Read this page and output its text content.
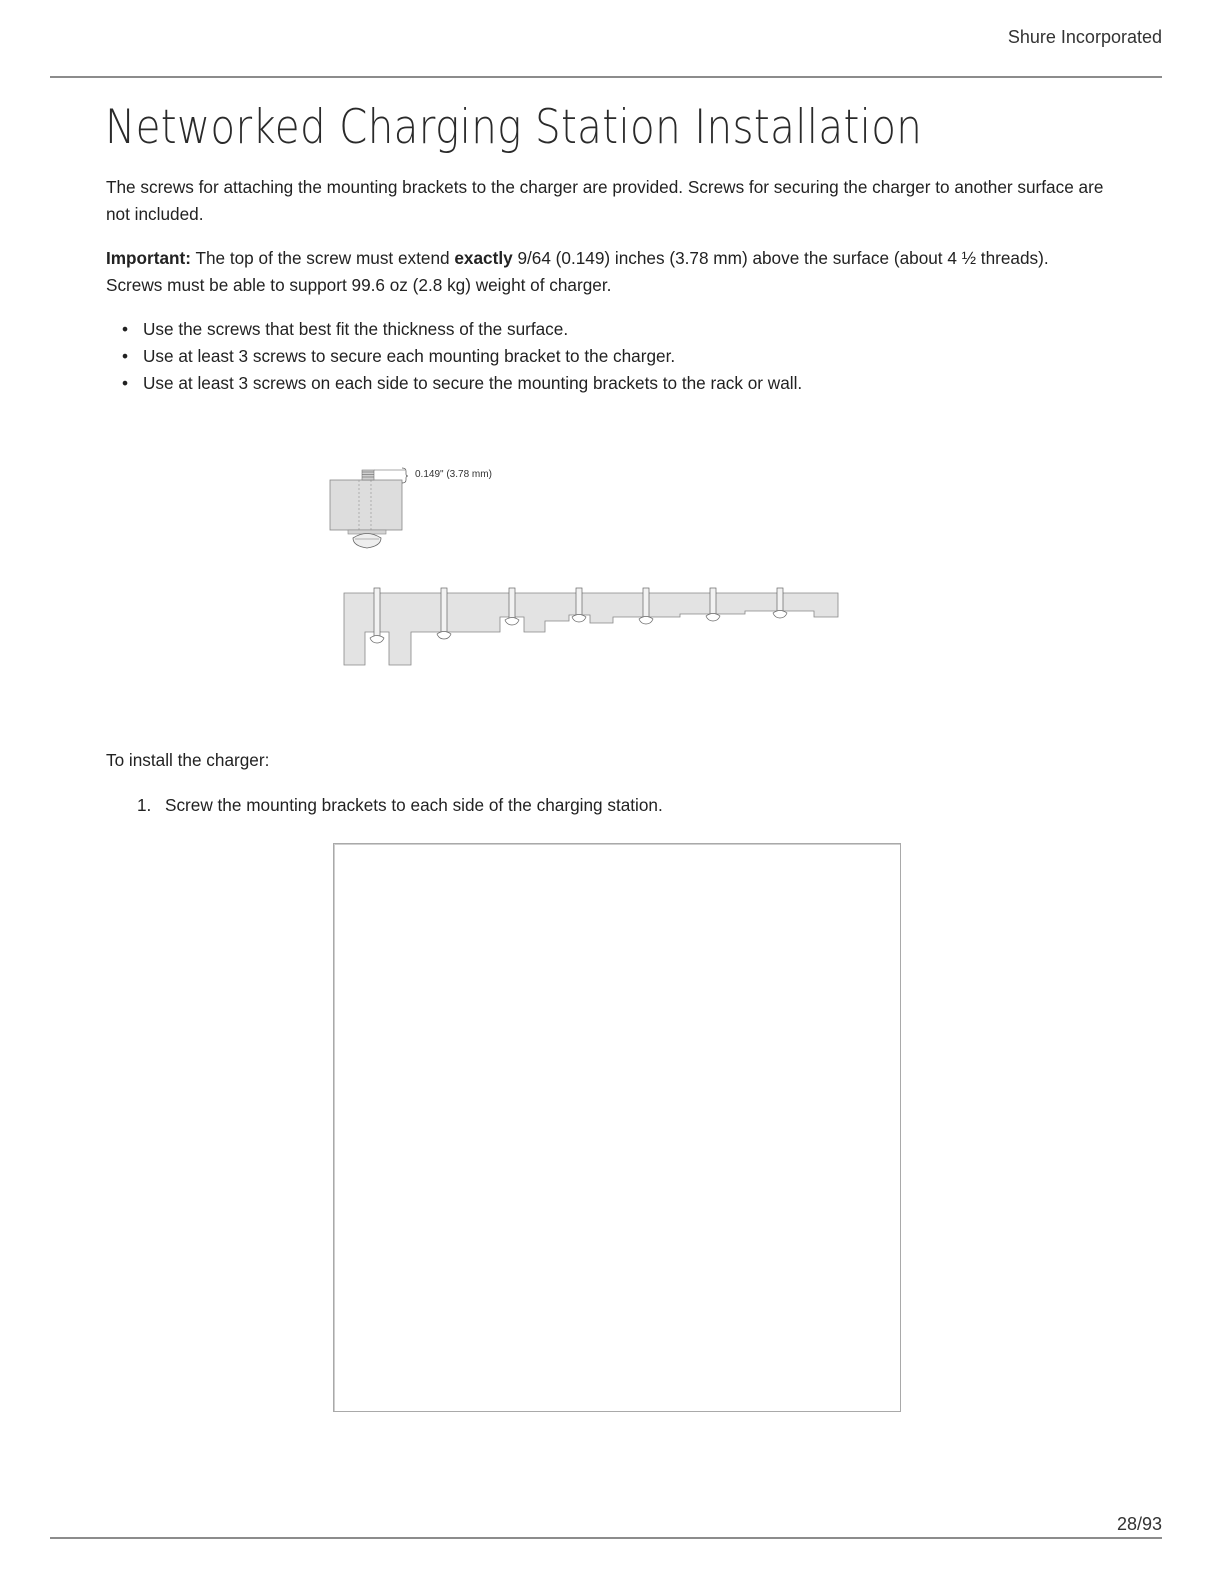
Shure Incorporated
Networked Charging Station Installation

The screws for attaching the mounting brackets to the charger are provided. Screws for securing the charger to another surface are not included.

Important: The top of the screw must extend exactly 9/64 (0.149) inches (3.78 mm) above the surface (about 4 ½ threads). Screws must be able to support 99.6 oz (2.8 kg) weight of charger.

• Use the screws that best fit the thickness of the surface.
• Use at least 3 screws to secure each mounting bracket to the charger.
• Use at least 3 screws on each side to secure the mounting brackets to the rack or wall.
0.149" (3.78 mm)

To install the charger:

1. Screw the mounting brackets to each side of the charging station.
28/93
